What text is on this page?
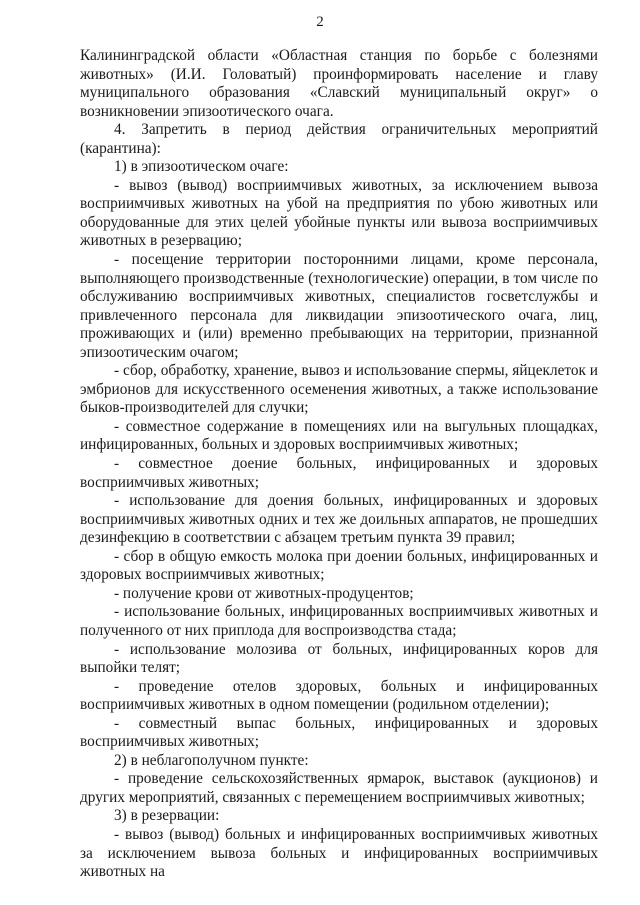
2

Калининградской области «Областная станция по борьбе с болезнями животных» (И.И. Головатый) проинформировать население и главу муниципального образования «Славский муниципальный округ» о возникновении эпизоотического очага.

4. Запретить в период действия ограничительных мероприятий (карантина):

1) в эпизоотическом очаге:

- вывоз (вывод) восприимчивых животных, за исключением вывоза восприимчивых животных на убой на предприятия по убою животных или оборудованные для этих целей убойные пункты или вывоза восприимчивых животных в резервацию;

- посещение территории посторонними лицами, кроме персонала, выполняющего производственные (технологические) операции, в том числе по обслуживанию восприимчивых животных, специалистов госветслужбы и привлеченного персонала для ликвидации эпизоотического очага, лиц, проживающих и (или) временно пребывающих на территории, признанной эпизоотическим очагом;

- сбор, обработку, хранение, вывоз и использование спермы, яйцеклеток и эмбрионов для искусственного осеменения животных, а также использование быков-производителей для случки;

- совместное содержание в помещениях или на выгульных площадках, инфицированных, больных и здоровых восприимчивых животных;

- совместное доение больных, инфицированных и здоровых восприимчивых животных;

- использование для доения больных, инфицированных и здоровых восприимчивых животных одних и тех же доильных аппаратов, не прошедших дезинфекцию в соответствии с абзацем третьим пункта 39 правил;

- сбор в общую емкость молока при доении больных, инфицированных и здоровых восприимчивых животных;

- получение крови от животных-продуцентов;

- использование больных, инфицированных восприимчивых животных и полученного от них приплода для воспроизводства стада;

- использование молозива от больных, инфицированных коров для выпойки телят;

- проведение отелов здоровых, больных и инфицированных восприимчивых животных в одном помещении (родильном отделении);

- совместный выпас больных, инфицированных и здоровых восприимчивых животных;

2) в неблагополучном пункте:

- проведение сельскохозяйственных ярмарок, выставок (аукционов) и других мероприятий, связанных с перемещением восприимчивых животных;

3) в резервации:

- вывоз (вывод) больных и инфицированных восприимчивых животных за исключением вывоза больных и инфицированных восприимчивых животных на
